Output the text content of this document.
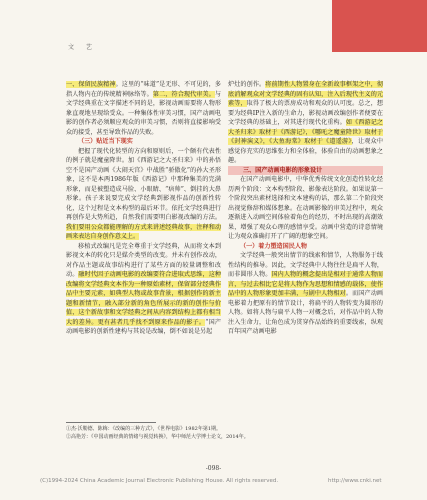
文 艺

一、保留民族精神。这里的“味道”是无形、不可见的，多指人物内在的传统精神脉络等。第二，符合现代审美。与文学经典重在文字描述不同的是，影视动画需要将人物形象直观地呈现给受众。一种集体性审美习惯，国产动画电影的创作者必须顺应观众的审美习惯，否则将直接影响受众的接受，甚至导致作品的失败。

（三）贴近当下现实

把握了现代化转型的方向和原则后，一个颇有代表性的例子就是魔童降世。加《西游记之大圣归来》中的孙悟空不是国产动画《大闹天宫》中战胜“骄傲化”的孙大圣形象，这不是本两1986年版《西游记》中那种集美的完满形象，而是被塑造成马脸、小眼睛、“痞帅”、倒挂的大鼻形象。孩子来说要完成文学经典到影视作品的创新性转化，这个过程是文本构型的最后环节。依托文学经典进行再创作是大势所趋，自然我们需要明白影视改编的方法。我们要用公众都能理解的方式来讲述经典故事，注释和动画来表达自身创作意义上。

移植式改编凡是完全尊重于文学经典，从而将文本到影视文本的转化只是媒介类型的改变。并未有创作改动，对作品主题或故事结构进行了某些方面的较量调整和改动。融时代因子动画电影的改编要符合进取式思维，这种改编将文学经典文本作为一种原始素材，保留部分经典作品中主要元素，如典型人物或故事背景，根据创作的新主题和新情节，融入部分新的角色所展示的新的创作与价值，这个新故事和文学经典之间从内容到结构上都有相当大的差异。更有甚者几乎找不到原来作品的影子。“国产动画电影的创新性建构与其说是改编，倒不如说是另起

炉灶的创作。将前期性人物置身在全新故事框架之中，彻底消解观众对文学经典的固有认知，注入后现代主义的元素等，取得了极大的票房成功和观众的认可度。总之，想要为经典IP注入新的生命力，影视动画改编创作者便要在文学经典的基础上，对其进行现代化重构。如《西游记之大圣归来》取材于《西游记》，《哪吒之魔童降世》取材于《封神演义》，《大鱼海棠》取材于《道遥游》，让观众中感觉你充实的思维张力和全体验，体验自由的动画想象之趣。

三、国产动画电影的形象设计

在国产动画电影中，中华优秀传统文化创造性转化经历两个阶段：文本构型阶段、影像表达阶段。如果说第一个阶段突出素材选择和文本建构的话，那么第二个阶段突出视觉修辞和媒体想象。在动画影像的审美过程中，观众逐渐进入动画空间体验着角色的经历，不时出现的高潮效果，增强了观众心理的感情享受。动画中营造的诗意情境让为观众准确打开了广阔的想象空间。

（一）着力塑造国民人物

文学经典一般突出情节的线索和情节，人物服务于线性结构的推导。因此，文学经典中人物往往是扁平人物，而非圆形人物。国内人物的概念提出是相对于通常人物而言，与过去相比它是将人物作为思想和情感的载体，使作品中的人物形象更加丰满，与剧中人物相对。而国产动画电影着力把原有的情节设计，将扁平的人物转变为圆形的人物。如将人物与扁平人物一对概念后，对作品中的人物注入生命力，让角色成为贯穿作品始终的重要线索，纵观百年国产动画电影

①杰·沃勒德、陈梅：《改编的三种方式》，《世界电影》1982年第1期。
②高艳芳：《中国动画经典的情绪与视觉转换》，华中师范大学博士论文，2014年。
-098-
(C)1994-2024 China Academic Journal Electronic Publishing House. All rights reserved.	http://www.cnki.net
